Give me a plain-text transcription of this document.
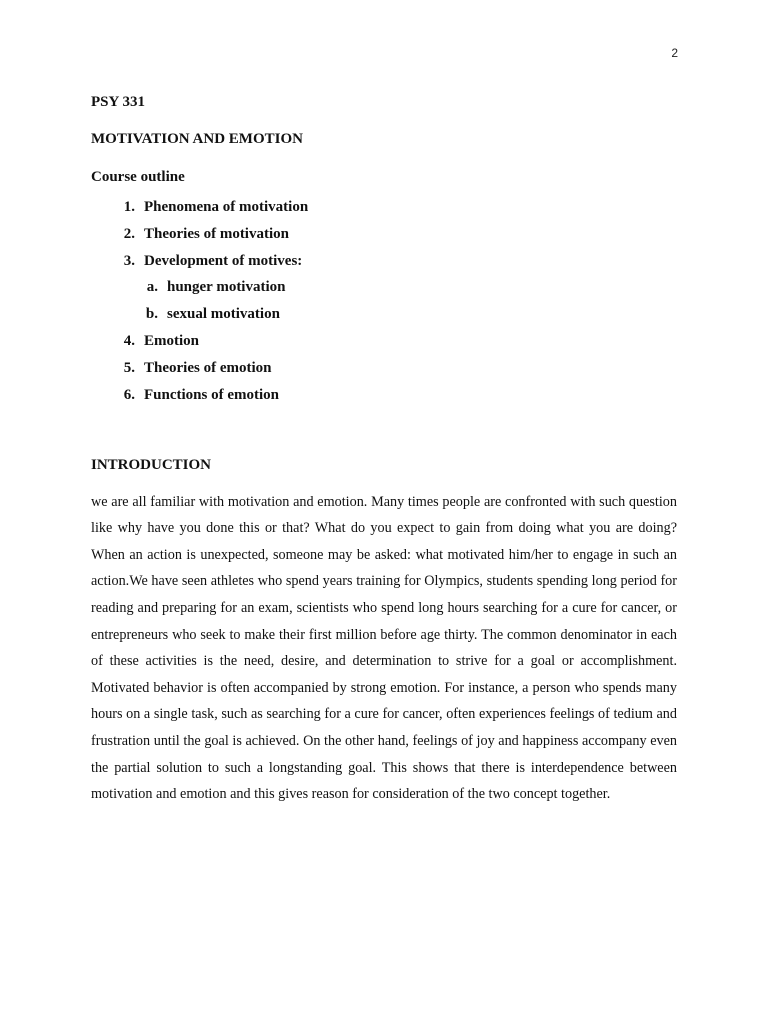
2

PSY 331

MOTIVATION AND EMOTION

Course outline

1. Phenomena of motivation
2. Theories of motivation
3. Development of motives:
a. hunger motivation
b. sexual motivation
4. Emotion
5. Theories of emotion
6. Functions of emotion

INTRODUCTION

we are all familiar with motivation and emotion. Many times people are confronted with such question like why have you done this or that? What do you expect to gain from doing what you are doing? When an action is unexpected, someone may be asked: what motivated him/her to engage in such an action.We have seen athletes who spend years training for Olympics, students spending long period for reading and preparing for an exam, scientists who spend long hours searching for a cure for cancer, or entrepreneurs who seek to make their first million before age thirty. The common denominator in each of these activities is the need, desire, and determination to strive for a goal or accomplishment. Motivated behavior is often accompanied by strong emotion. For instance, a person who spends many hours on a single task, such as searching for a cure for cancer, often experiences feelings of tedium and frustration until the goal is achieved. On the other hand, feelings of joy and happiness accompany even the partial solution to such a longstanding goal. This shows that there is interdependence between motivation and emotion and this gives reason for consideration of the two concept together.
